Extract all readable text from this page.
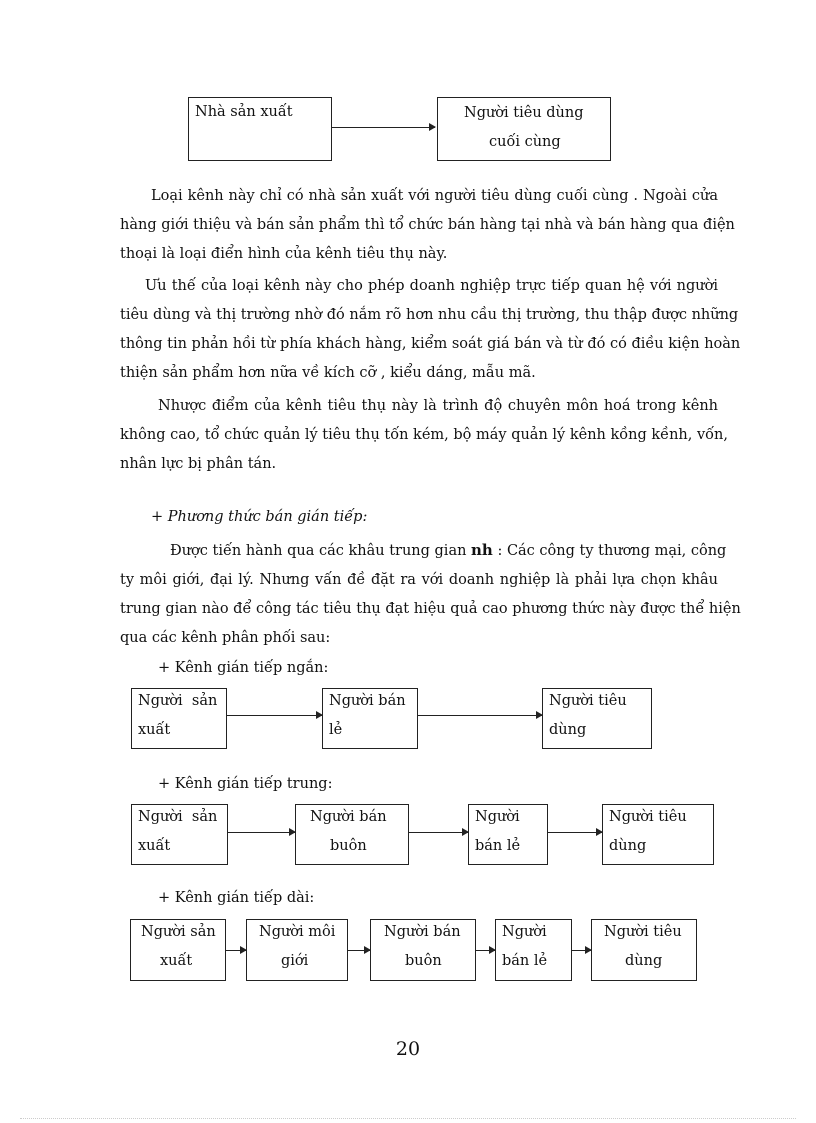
Nhà sản xuất	Người tiêu dùng
cuối cùng
Loại kênh này chỉ có nhà sản xuất với người tiêu dùng cuối cùng . Ngoài cửa
hàng giới thiệu và bán sản phẩm thì tổ chức bán hàng tại nhà và bán hàng qua điện
thoại là loại điển hình của kênh tiêu thụ này.
Ưu thế của loại kênh này cho phép doanh nghiệp trực tiếp quan hệ với người
tiêu dùng và thị trường nhờ đó nắm rõ hơn nhu cầu thị trường, thu thập được những
thông tin phản hồi từ phía khách hàng, kiểm soát giá bán và từ đó có điều kiện hoàn
thiện sản phẩm hơn nữa về kích cỡ , kiểu dáng, mẫu mã.
Nhược điểm của kênh tiêu thụ này là trình độ chuyên môn hoá trong kênh
không cao, tổ chức quản lý tiêu thụ tốn kém, bộ máy quản lý kênh kồng kềnh, vốn,
nhân lực bị phân tán.
+ Phương thức bán gián tiếp:
Được tiến hành qua các khâu trung gian nh : Các công ty thương mại, công
ty môi giới, đại lý. Nhưng vấn đề đặt ra với doanh nghiệp là phải lựa chọn khâu
trung gian nào để công tác tiêu thụ đạt hiệu quả cao phương thức này được thể hiện
qua các kênh phân phối sau:
+ Kênh gián tiếp ngắn:
Người  sản
xuất
Người bán
lẻ
Người tiêu
dùng
+ Kênh gián tiếp trung:
Người  sản
xuất
Người bán
buôn
Người
bán lẻ
Người tiêu
dùng
+ Kênh gián tiếp dài:
Người sản
xuất
Người môi
giới
Người bán
buôn
Người
bán lẻ
Người tiêu
dùng
20
